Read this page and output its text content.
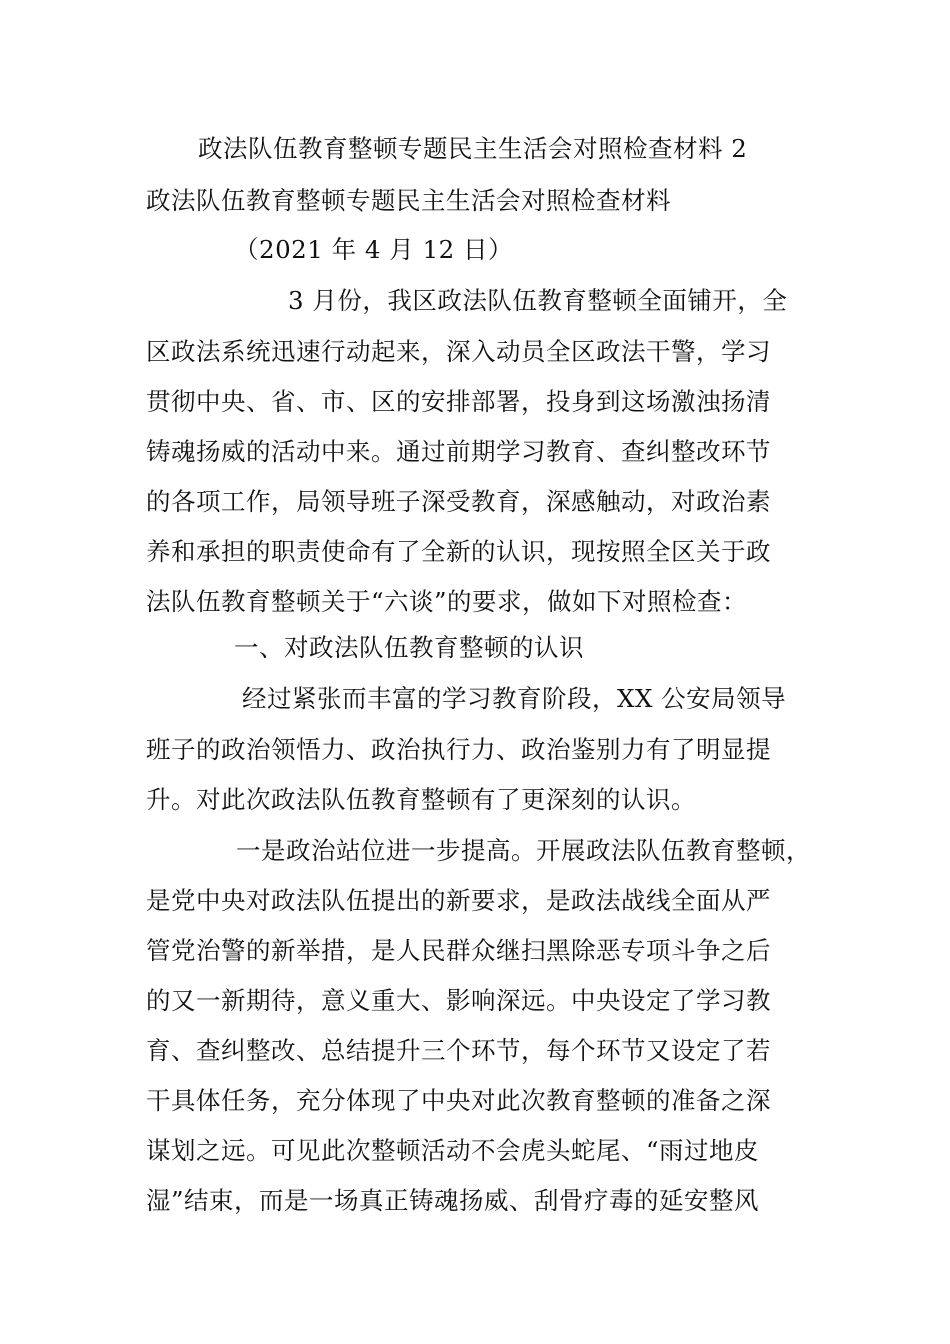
政法队伍教育整顿专题民主生活会对照检查材料 2
政法队伍教育整顿专题民主生活会对照检查材料
（2021 年 4 月 12 日）
3 月份，我区政法队伍教育整顿全面铺开，全
区政法系统迅速行动起来，深入动员全区政法干警，学习
贯彻中央、省、市、区的安排部署，投身到这场激浊扬清
铸魂扬威的活动中来。通过前期学习教育、查纠整改环节
的各项工作，局领导班子深受教育，深感触动，对政治素
养和承担的职责使命有了全新的认识，现按照全区关于政
法队伍教育整顿关于“六谈”的要求，做如下对照检查：
一、对政法队伍教育整顿的认识
经过紧张而丰富的学习教育阶段，XX 公安局领导
班子的政治领悟力、政治执行力、政治鉴别力有了明显提
升。对此次政法队伍教育整顿有了更深刻的认识。
一是政治站位进一步提高。开展政法队伍教育整顿，
是党中央对政法队伍提出的新要求，是政法战线全面从严
管党治警的新举措，是人民群众继扫黑除恶专项斗争之后
的又一新期待，意义重大、影响深远。中央设定了学习教
育、查纠整改、总结提升三个环节，每个环节又设定了若
干具体任务，充分体现了中央对此次教育整顿的准备之深
谋划之远。可见此次整顿活动不会虎头蛇尾、“雨过地皮
湿”结束，而是一场真正铸魂扬威、刮骨疗毒的延安整风
